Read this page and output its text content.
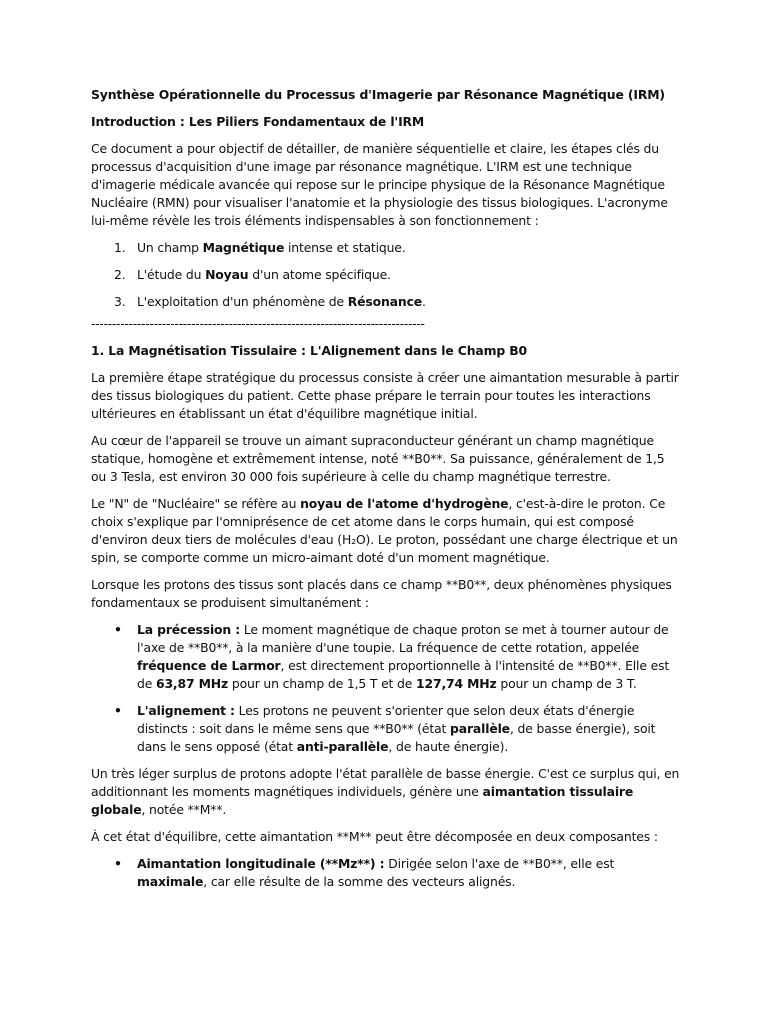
Synthèse Opérationnelle du Processus d'Imagerie par Résonance Magnétique (IRM)

Introduction : Les Piliers Fondamentaux de l'IRM

Ce document a pour objectif de détailler, de manière séquentielle et claire, les étapes clés du processus d'acquisition d'une image par résonance magnétique. L'IRM est une technique d'imagerie médicale avancée qui repose sur le principe physique de la Résonance Magnétique Nucléaire (RMN) pour visualiser l'anatomie et la physiologie des tissus biologiques. L'acronyme lui-même révèle les trois éléments indispensables à son fonctionnement :

1. Un champ Magnétique intense et statique.
2. L'étude du Noyau d'un atome spécifique.
3. L'exploitation d'un phénomène de Résonance.

--------------------------------------------------------------------------------

1. La Magnétisation Tissulaire : L'Alignement dans le Champ B0

La première étape stratégique du processus consiste à créer une aimantation mesurable à partir des tissus biologiques du patient. Cette phase prépare le terrain pour toutes les interactions ultérieures en établissant un état d'équilibre magnétique initial.

Au cœur de l'appareil se trouve un aimant supraconducteur générant un champ magnétique statique, homogène et extrêmement intense, noté **B0**. Sa puissance, généralement de 1,5 ou 3 Tesla, est environ 30 000 fois supérieure à celle du champ magnétique terrestre.

Le "N" de "Nucléaire" se réfère au noyau de l'atome d'hydrogène, c'est-à-dire le proton. Ce choix s'explique par l'omniprésence de cet atome dans le corps humain, qui est composé d'environ deux tiers de molécules d'eau (H₂O). Le proton, possédant une charge électrique et un spin, se comporte comme un micro-aimant doté d'un moment magnétique.

Lorsque les protons des tissus sont placés dans ce champ **B0**, deux phénomènes physiques fondamentaux se produisent simultanément :

• La précession : Le moment magnétique de chaque proton se met à tourner autour de l'axe de **B0**, à la manière d'une toupie. La fréquence de cette rotation, appelée fréquence de Larmor, est directement proportionnelle à l'intensité de **B0**. Elle est de 63,87 MHz pour un champ de 1,5 T et de 127,74 MHz pour un champ de 3 T.
• L'alignement : Les protons ne peuvent s'orienter que selon deux états d'énergie distincts : soit dans le même sens que **B0** (état parallèle, de basse énergie), soit dans le sens opposé (état anti-parallèle, de haute énergie).

Un très léger surplus de protons adopte l'état parallèle de basse énergie. C'est ce surplus qui, en additionnant les moments magnétiques individuels, génère une aimantation tissulaire globale, notée **M**.

À cet état d'équilibre, cette aimantation **M** peut être décomposée en deux composantes :

• Aimantation longitudinale (**Mz**) : Dirigée selon l'axe de **B0**, elle est maximale, car elle résulte de la somme des vecteurs alignés.
